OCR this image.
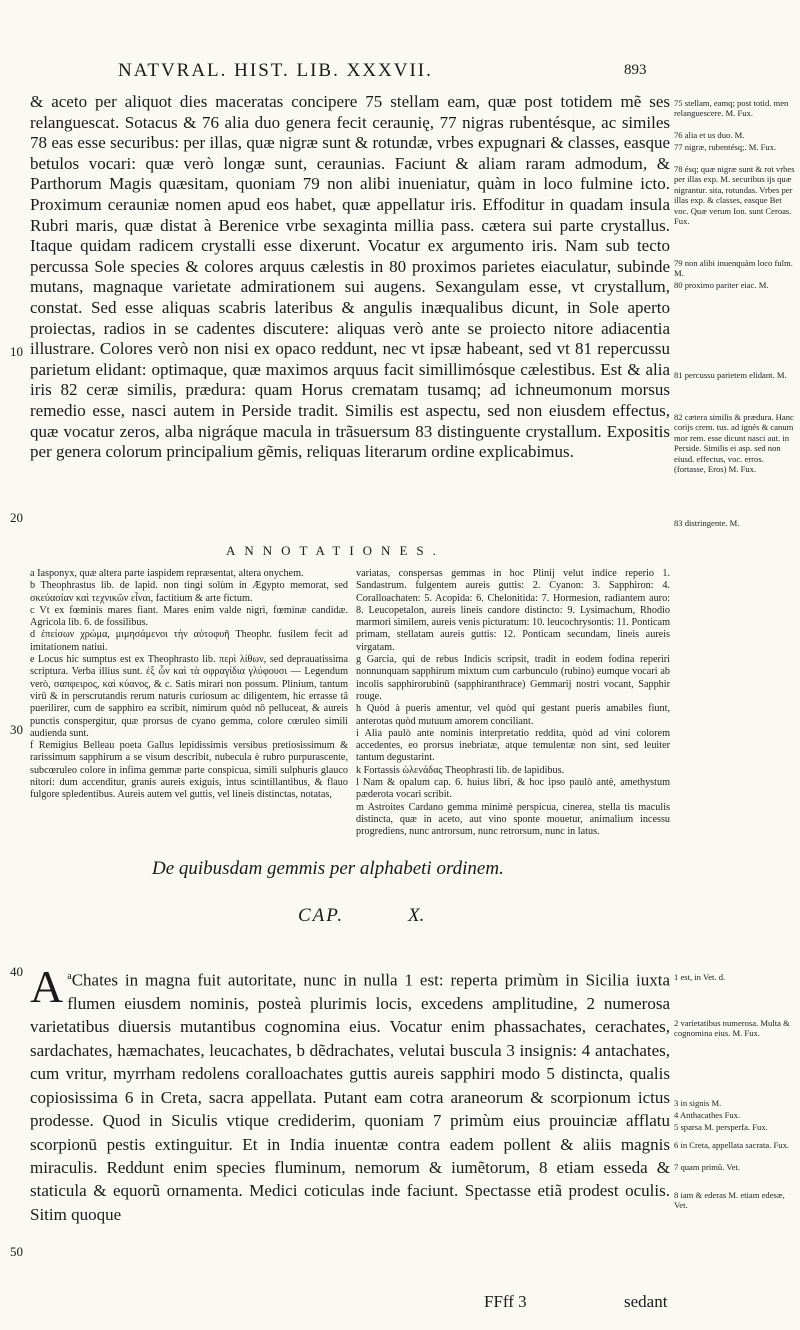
NATVRAL. HIST. LIB. XXXVII.	893
& aceto per aliquot dies maceratas concipere 75 stellam eam, quæ post totidem mẽ ses relanguescat. Sotacus & 76 alia duo genera fecit ceraunię, 77 nigras rubentésque, ac similes 78 eas esse securibus: per illas, quæ nigræ sunt & rotundæ, vrbes expugnari & classes, easque betulos vocari: quæ verò longæ sunt, ceraunias. Faciunt & aliam raram admodum, & Parthorum Magis quæsitam, quoniam 79 non alibi inueniatur, quàm in loco fulmine icto. Proximum cerauniæ nomen apud eos habet, quæ appellatur iris. Effoditur in quadam insula Rubri maris, quæ distat à Berenice vrbe sexaginta millia pass. cætera sui parte crystallus. Itaque quidam radicem crystalli esse dixerunt. Vocatur ex argumento iris. Nam sub tecto percussa Sole species & colores arquus cælestis in 80 proximos parietes eiaculatur, subinde mutans, magnaque varietate admirationem sui augens. Sexangulam esse, vt crystallum, constat. Sed esse aliquas scabris lateribus & angulis inæqualibus dicunt, in Sole aperto proiectas, radios in se cadentes discutere: aliquas verò ante se proiecto nitore adiacentia illustrare. Colores verò non nisi ex opaco reddunt, nec vt ipsæ habeant, sed vt 81 repercussu parietum elidant: optimaque, quæ maximos arquus facit simillimósque cælestibus. Est & alia iris 82 ceræ similis, prædura: quam Horus crematam tusamq; ad ichneumonum morsus remedio esse, nasci autem in Perside tradit. Similis est aspectu, sed non eiusdem effectus, quæ vocatur zeros, alba nigráque macula in trãsuersum 83 distinguente crystallum. Expositis per genera colorum principalium gẽmis, reliquas literarum ordine explicabimus.
10
20
30
40
50
75 stellam, eamq; post totid. men relanguescere. M. Fux.
76 alia et us duo. M.
77 nigræ, rubentésq;. M. Fux.
78 ésq; quæ nigræ sunt & rot vrbes per illas exp. M. securibus ijs quæ nigrantur. sita, rotundas. Vrbes per illas exp. & classes, easque Bet voc. Quæ verum Ion. sunt Ceroas. Fux.
79 non alibi inuenquàm loco fulm. M.
80 proximo pariter eiac. M.
81 percussu parietem elidant. M.
82 cætera similis & prædura. Hanc corijs crem. tus. ad ignés & canum mor rem. esse dicunt nasci aut. in Perside. Similis ei asp. sed non eiusd. effectus, voc. erros. (fortasse, Eros) M. Fux.
83 distringente. M.
ANNOTATIONES.

a Iasponyx, quæ altera parte iaspidem repræsentat, altera onychem.

b Theophrastus lib. de lapid. non tingi solùm in Ægypto memorat, sed σκεύασίαν καὶ τεχνικῶν εἶναι, factitium & arte fictum.

c Vt ex fœminis mares fiant. Mares enim valde nigri, fœminæ candidæ. Agricola lib. 6. de fossilibus.

d ἐπείσων χρώμα, μιμησάμενοι τὴν αὐτοφυῆ Theophr. fusilem fecit ad imitationem natiui.

e Locus hic sumptus est ex Theophrasto lib. περὶ λίθων, sed deprauatissima scriptura. Verba illius sunt. ἐξ ὧν καὶ τὰ σφραγίδια γλύφουσι — Legendum verò, σαπφειρος, καὶ κύανος, & c. Satis mirari non possum. Plinium, tantum virū & in perscrutandis rerum naturis curiosum ac diligentem, hic errasse tã puerilirer, cum de sapphiro ea scribit, nimirum quòd nō pelluceat, & aureis punctis conspergitur, quæ prorsus de cyano gemma, colore cœruleo simili audienda sunt.

f Remigius Belleau poeta Gallus lepidissimis versibus pretiosissimum & rarissimum sapphirum a se visum describit, nubecula è rubro purpurascente, subcœruleo colore in infima gemmæ parte conspicua, simili sulphuris glauco nitori: dum accenditur, granis aureis exiguis, intus scintillantibus, & flauo fulgore spledentibus. Aureis autem vel guttis, vel lineis distinctas, notatas,

variatas, conspersas gemmas in hoc Plinij velut indice reperio 1. Sandastrum. fulgentem aureis guttis: 2. Cyanon: 3. Sapphiron: 4. Coralloachaten: 5. Acopida: 6. Chelonitida: 7. Hormesion, radiantem auro: 8. Leucopetalon, aureis lineis candore distincto: 9. Lysimachum, Rhodio marmori similem, aureis venis picturatum: 10. leucochrysontis: 11. Ponticam primam, stellatam aureis guttis: 12. Ponticam secundam, lineis aureis virgatam.

g Garcia, qui de rebus Indicis scripsit, tradit in eodem fodina reperiri nonnunquam sapphirum mixtum cum carbunculo (rubino) eumque vocari ab incolis sapphirorubinū (sapphiranthrace) Gemmarij nostri vocant, Sapphir rouge.

h Quòd à pueris amentur, vel quòd qui gestant pueris amabiles fiunt, anterotas quòd mutuum amorem conciliant.

i Alia paulò ante nominis interpretatio reddita, quòd ad vini colorem accedentes, eo prorsus inebriatæ, atque temulentæ non sint, sed leuiter tantum degustarint.

k Fortassis ὠλενάδας Theophrasti lib. de lapidibus.

l Nam & opalum cap. 6. huius libri, & hoc ipso paulò antè, amethystum pæderota vocari scribit.

m Astroites Cardano gemma minimè perspicua, cinerea, stella tis maculis distincta, quæ in aceto, aut vino sponte mouetur, animalium incessu progrediens, nunc antrorsum, nunc retrorsum, nunc in latus.

De quibusdam gemmis per alphabeti ordinem.
CAP.	X.
$^a$
A Chates in magna fuit autoritate, nunc in nulla 1 est: reperta primùm in Sicilia iuxta flumen eiusdem nominis, posteà plurimis locis, excedens amplitudine, 2 numerosa varietatibus diuersis mutantibus cognomina eius. Vocatur enim phassachates, cerachates, sardachates, hæmachates, leucachates, b dẽdrachates, velutai buscula 3 insignis: 4 antachates, cum vritur, myrrham redolens coralloachates guttis aureis sapphiri modo 5 distincta, qualis copiosissima 6 in Creta, sacra appellata. Putant eam cotra araneorum & scorpionum ictus prodesse. Quod in Siculis vtique crediderim, quoniam 7 primùm eius prouinciæ afflatu scorpionū pestis extinguitur. Et in India inuentæ contra eadem pollent & aliis magnis miraculis. Reddunt enim species fluminum, nemorum & iumẽtorum, 8 etiam esseda & staticula & equorũ ornamenta. Medici coticulas inde faciunt. Spectasse etiã prodest oculis. Sitim quoque
1 est, in Vet. d.
2 varietatibus numerosa. Multa & cognomina eius. M. Fux.
3 in signis M.
4 Anthacathes Fux.
5 sparsa M. persperfa. Fux.
6 in Creta, appellata sacrata. Fux.
7 quam primū. Vet.
8 iam & ederas M. etiam edesæ, Vet.
FFff 3	sedant
